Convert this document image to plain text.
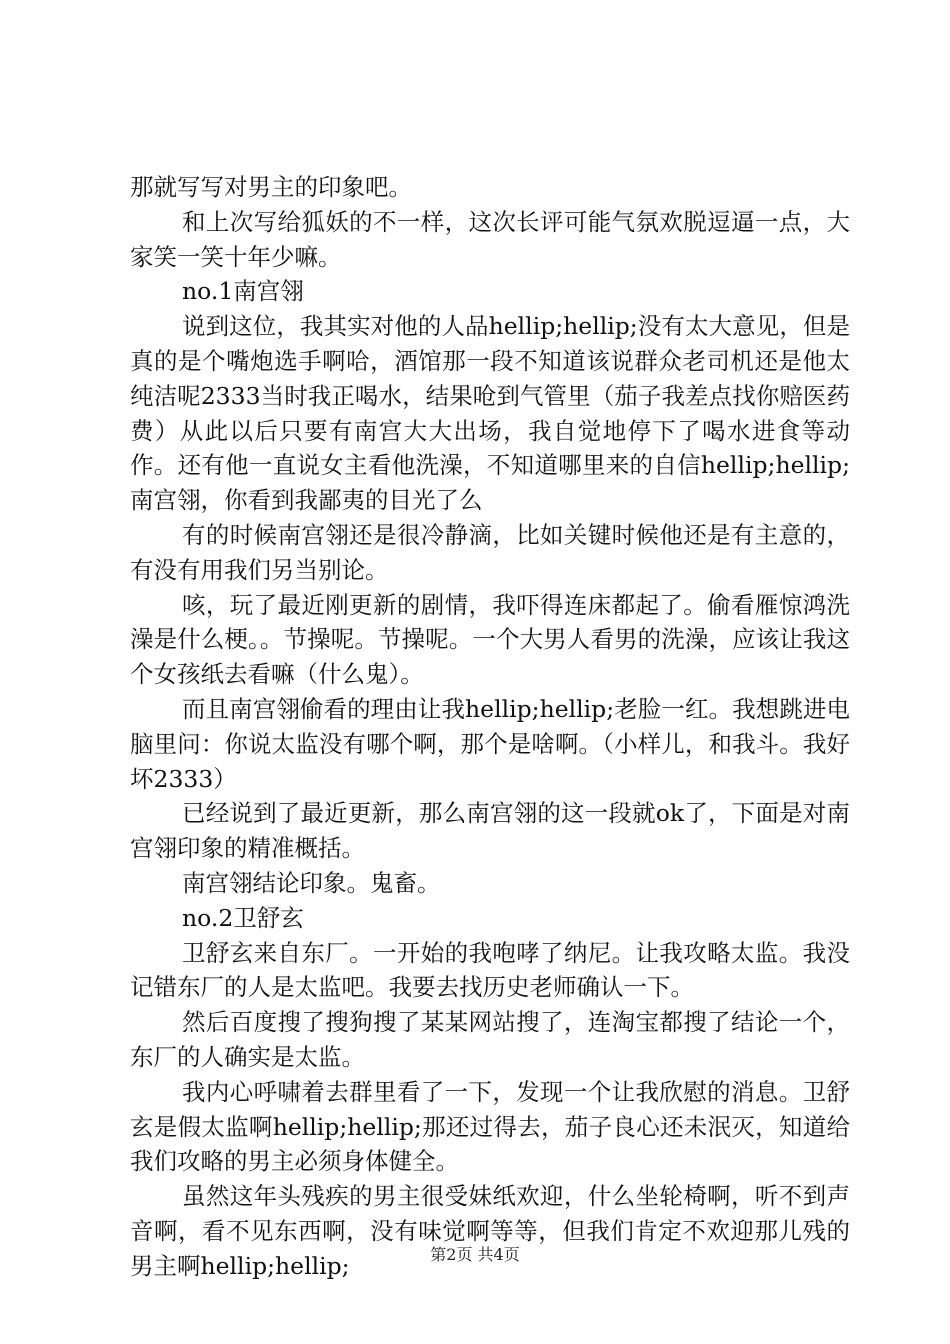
那就写写对男主的印象吧。

和上次写给狐妖的不一样，这次长评可能气氛欢脱逗逼一点，大家笑一笑十年少嘛。

no.1南宫翎

说到这位，我其实对他的人品hellip;hellip;没有太大意见，但是真的是个嘴炮选手啊哈，酒馆那一段不知道该说群众老司机还是他太纯洁呢2333当时我正喝水，结果呛到气管里（茄子我差点找你赔医药费）从此以后只要有南宫大大出场，我自觉地停下了喝水进食等动作。还有他一直说女主看他洗澡，不知道哪里来的自信hellip;hellip;南宫翎，你看到我鄙夷的目光了么

有的时候南宫翎还是很冷静滴，比如关键时候他还是有主意的，有没有用我们另当别论。

咳，玩了最近刚更新的剧情，我吓得连床都起了。偷看雁惊鸿洗澡是什么梗。。节操呢。节操呢。一个大男人看男的洗澡，应该让我这个女孩纸去看嘛（什么鬼）。

而且南宫翎偷看的理由让我hellip;hellip;老脸一红。我想跳进电脑里问：你说太监没有哪个啊，那个是啥啊。（小样儿，和我斗。我好坏2333）

已经说到了最近更新，那么南宫翎的这一段就ok了，下面是对南宫翎印象的精准概括。

南宫翎结论印象。鬼畜。

no.2卫舒玄

卫舒玄来自东厂。一开始的我咆哮了纳尼。让我攻略太监。我没记错东厂的人是太监吧。我要去找历史老师确认一下。

然后百度搜了搜狗搜了某某网站搜了，连淘宝都搜了结论一个，东厂的人确实是太监。

我内心呼啸着去群里看了一下，发现一个让我欣慰的消息。卫舒玄是假太监啊hellip;hellip;那还过得去，茄子良心还未泯灭，知道给我们攻略的男主必须身体健全。

虽然这年头残疾的男主很受妹纸欢迎，什么坐轮椅啊，听不到声音啊，看不见东西啊，没有味觉啊等等，但我们肯定不欢迎那儿残的男主啊hellip;hellip;	第2页 共4页
